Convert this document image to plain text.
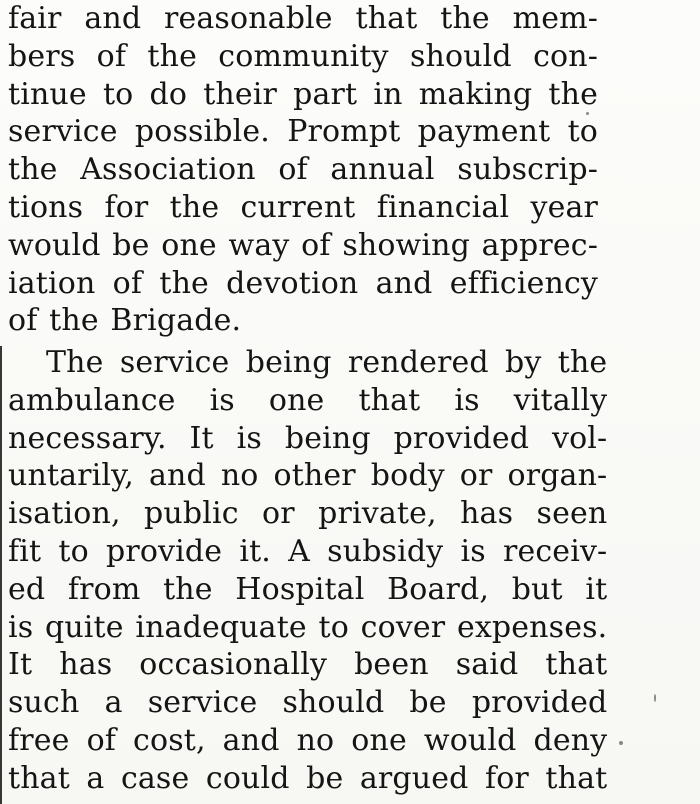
fair and reasonable that the mem-
bers of the community should con-
tinue to do their part in making the
service possible. Prompt payment to
the Association of annual subscrip-
tions for the current financial year
would be one way of showing apprec-
iation of the devotion and efficiency
of the Brigade.
The service being rendered by the
ambulance is one that is vitally
necessary. It is being provided vol-
untarily, and no other body or organ-
isation, public or private, has seen
fit to provide it. A subsidy is receiv-
ed from the Hospital Board, but it
is quite inadequate to cover expenses.
It has occasionally been said that
such a service should be provided
free of cost, and no one would deny
that a case could be argued for that
